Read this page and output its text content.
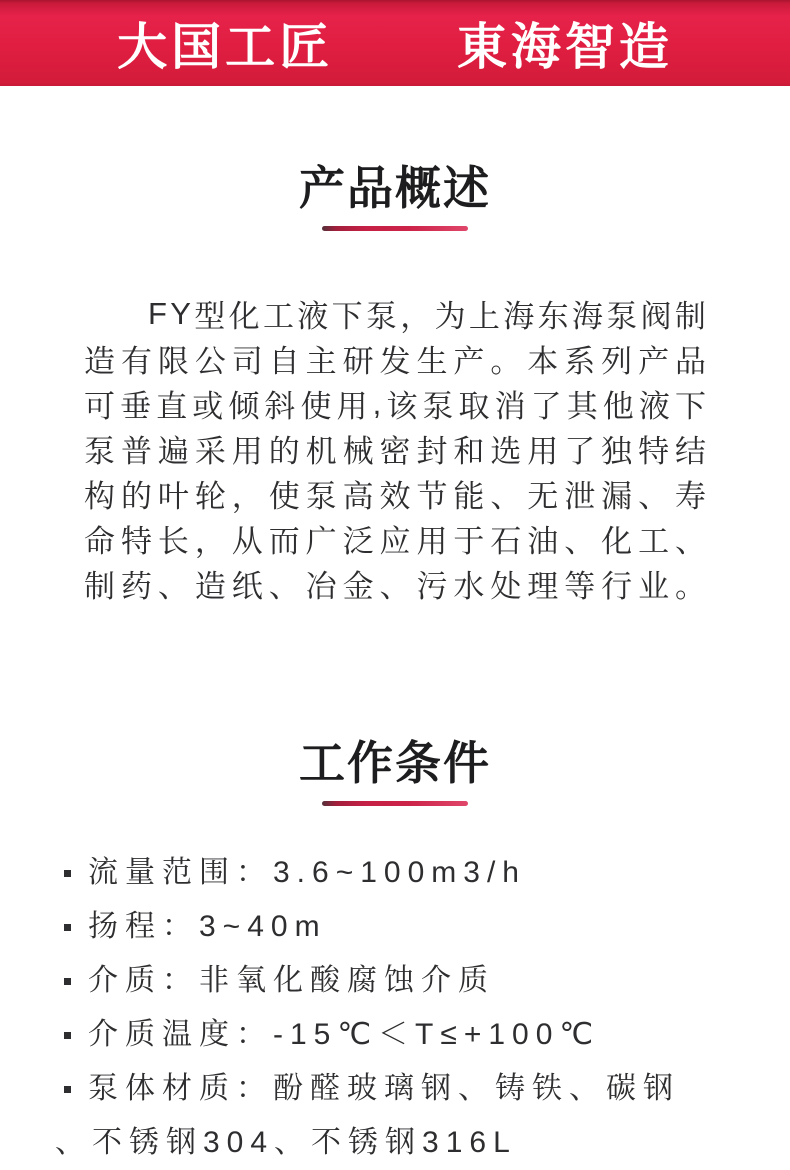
大国工匠  東海智造
产品概述
F Y 型 化 工 液 下 泵 ， 为 上 海 东 海 泵 阀 制
造 有 限 公 司 自 主 研 发 生 产 。 本 系 列 产 品
可 垂 直 或 倾 斜 使 用 , 该 泵 取 消 了 其 他 液 下
泵 普 遍 采 用 的 机 械 密 封 和 选 用 了 独 特 结
构 的 叶 轮 ， 使 泵 高 效 节 能 、 无 泄 漏 、 寿
命 特 长 ， 从 而 广 泛 应 用 于 石 油 、 化 工 、
制 药 、 造 纸 、 冶 金 、 污 水 处 理 等 行 业 。
工作条件
流量范围：3.6~100m3/h
扬程：3~40m
介质：非氧化酸腐蚀介质
介质温度：-15℃＜T≤+100℃
泵体材质：酚醛玻璃钢、铸铁、碳钢
、不锈钢304、不锈钢316L
